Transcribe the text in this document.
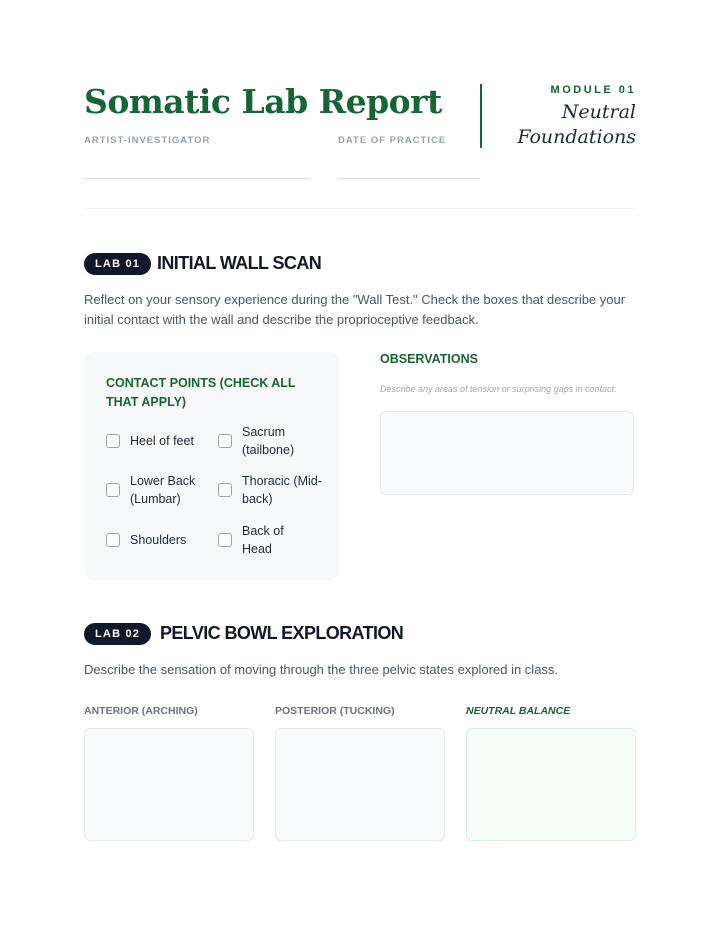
Somatic Lab Report
ARTIST-INVESTIGATOR	DATE OF PRACTICE
MODULE 01
Neutral Foundations
LAB 01 INITIAL WALL SCAN
Reflect on your sensory experience during the "Wall Test." Check the boxes that describe your initial contact with the wall and describe the proprioceptive feedback.
CONTACT POINTS (CHECK ALL THAT APPLY)
Heel of feet
Sacrum (tailbone)
Lower Back (Lumbar)
Thoracic (Mid-back)
Shoulders
Back of Head
OBSERVATIONS
Describe any areas of tension or surprising gaps in contact:
LAB 02	PELVIC BOWL EXPLORATION
Describe the sensation of moving through the three pelvic states explored in class.
ANTERIOR (ARCHING)	POSTERIOR (TUCKING)	NEUTRAL BALANCE
